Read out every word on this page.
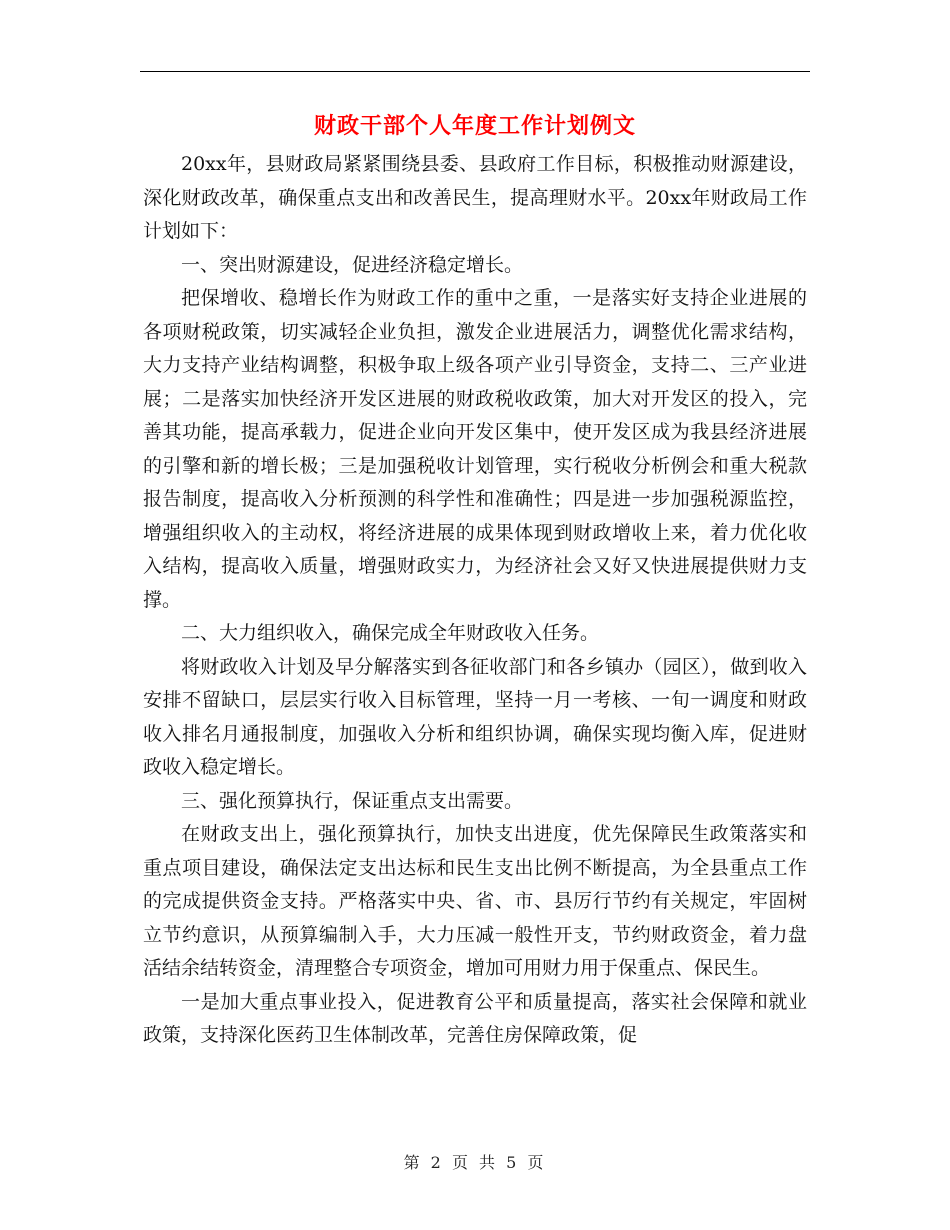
财政干部个人年度工作计划例文

20xx年，县财政局紧紧围绕县委、县政府工作目标，积极推动财源建设，深化财政改革，确保重点支出和改善民生，提高理财水平。20xx年财政局工作计划如下：

一、突出财源建设，促进经济稳定增长。

把保增收、稳增长作为财政工作的重中之重，一是落实好支持企业进展的各项财税政策，切实减轻企业负担，激发企业进展活力，调整优化需求结构，大力支持产业结构调整，积极争取上级各项产业引导资金，支持二、三产业进展；二是落实加快经济开发区进展的财政税收政策，加大对开发区的投入，完善其功能，提高承载力，促进企业向开发区集中，使开发区成为我县经济进展的引擎和新的增长极；三是加强税收计划管理，实行税收分析例会和重大税款报告制度，提高收入分析预测的科学性和准确性；四是进一步加强税源监控，增强组织收入的主动权，将经济进展的成果体现到财政增收上来，着力优化收入结构，提高收入质量，增强财政实力，为经济社会又好又快进展提供财力支撑。

二、大力组织收入，确保完成全年财政收入任务。

将财政收入计划及早分解落实到各征收部门和各乡镇办（园区），做到收入安排不留缺口，层层实行收入目标管理，坚持一月一考核、一旬一调度和财政收入排名月通报制度，加强收入分析和组织协调，确保实现均衡入库，促进财政收入稳定增长。

三、强化预算执行，保证重点支出需要。

在财政支出上，强化预算执行，加快支出进度，优先保障民生政策落实和重点项目建设，确保法定支出达标和民生支出比例不断提高，为全县重点工作的完成提供资金支持。严格落实中央、省、市、县厉行节约有关规定，牢固树立节约意识，从预算编制入手，大力压减一般性开支，节约财政资金，着力盘活结余结转资金，清理整合专项资金，增加可用财力用于保重点、保民生。

一是加大重点事业投入，促进教育公平和质量提高，落实社会保障和就业政策，支持深化医药卫生体制改革，完善住房保障政策，促

第 2 页 共 5 页
